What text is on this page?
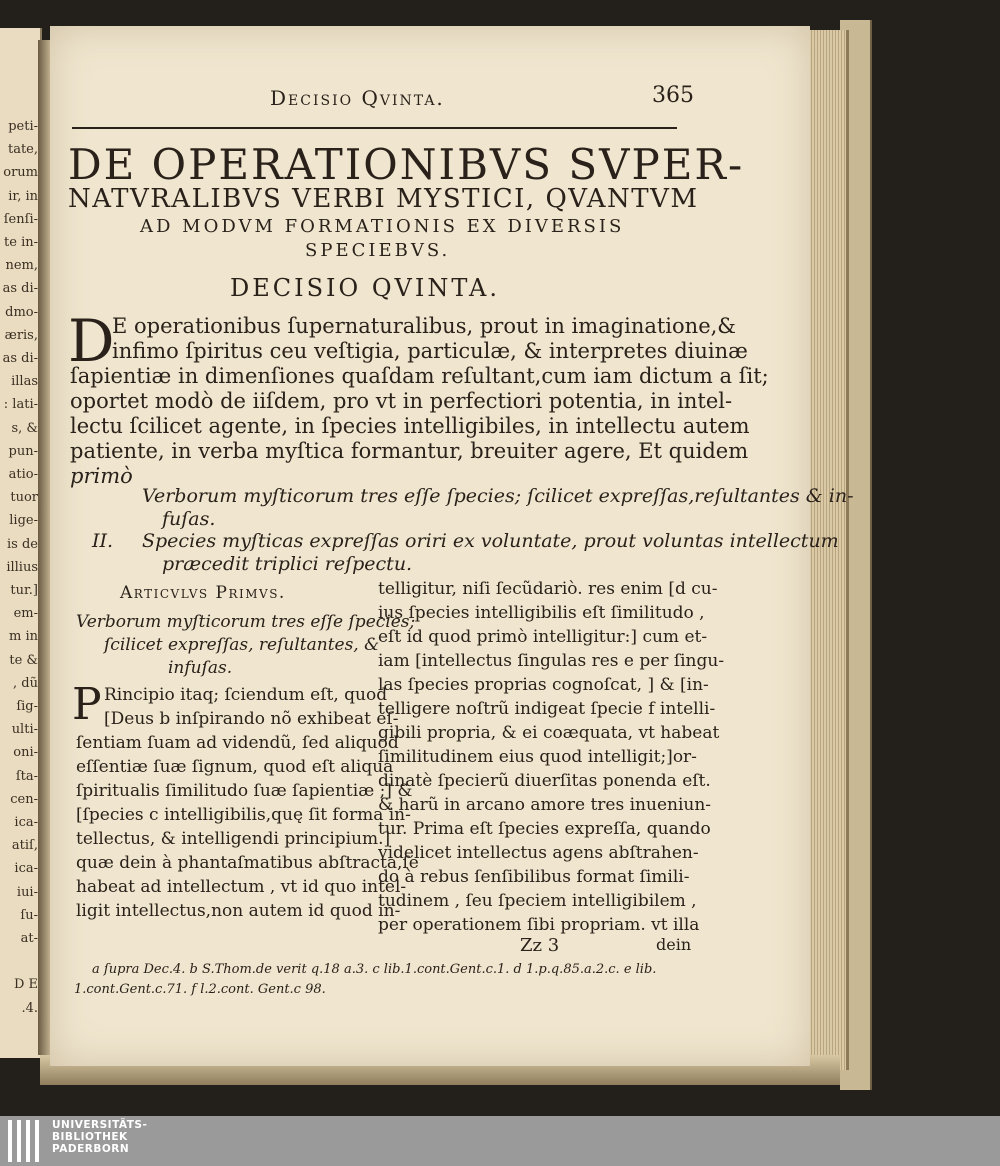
peti-
tate,
orum
ir, in
ſenſi-
te in-
nem,
as di-
dmo-
æris,
as di-
illas
: lati-
s, &
pun-
atio-
tuor
lige-
is de
illius
tur.]
em-
m in
te &
, dũ
ſig-
ulti-
oni-
ſta-
cen-
ica-
atiſ,
ica-
iui-
ſu-
at-
D E
.4.
Decisio Qvinta.	365
DE OPERATIONIBVS SVPER-
NATVRALIBVS VERBI MYSTICI, QVANTVM
AD MODVM FORMATIONIS EX DIVERSIS
SPECIEBVS.
DECISIO QVINTA.
D
E operationibus ſupernaturalibus, prout in imaginatione,&
infimo ſpiritus ceu veſtigia, particulæ, & interpretes diuinæ
ſapientiæ in dimenſiones quaſdam reſultant,cum iam dictum a ſit;
oportet modò de iiſdem, pro vt in perfectiori potentia, in intel-
lectu ſcilicet agente, in ſpecies intelligibiles, in intellectu autem
patiente, in verba myſtica formantur, breuiter agere, Et quidem
primò
Verborum myſticorum tres eſſe ſpecies; ſcilicet expreſſas,reſultantes & in-
fuſas.
II. Species myſticas expreſſas oriri ex voluntate, prout voluntas intellectum
præcedit triplici reſpectu.
Articvlvs Primvs.
Verborum myſticorum tres eſſe ſpecies;
ſcilicet expreſſas, reſultantes, &
infuſas.
P Rincipio itaq; ſciendum eſt, quod
[Deus b inſpirando nõ exhibeat eſ-
ſentiam ſuam ad videndũ, ſed aliquod
eſſentiæ ſuæ ſignum, quod eſt aliqua
ſpiritualis ſimilitudo ſuæ ſapientiæ ;] &
[ſpecies c intelligibilis,quę ſit forma in-
tellectus, & intelligendi principium.]
quæ dein à phantaſmatibus abſtracta,ſe
habeat ad intellectum , vt id quo intel-
ligit intellectus,non autem id quod in-
telligitur, niſi ſecũdariò. res enim [d cu-
ius ſpecies intelligibilis eſt ſimilitudo ,
eſt id quod primò intelligitur:] cum et-
iam [intellectus ſingulas res e per ſingu-
las ſpecies proprias cognoſcat, ] & [in-
telligere noſtrũ indigeat ſpecie f intelli-
gibili propria, & ei coæquata, vt habeat
ſimilitudinem eius quod intelligit;]or-
dinatè ſpecierũ diuerſitas ponenda eſt.
& harũ in arcano amore tres inueniun-
tur. Prima eſt ſpecies expreſſa, quando
videlicet intellectus agens abſtrahen-
do à rebus ſenſibilibus format ſimili-
tudinem , ſeu ſpeciem intelligibilem ,
per operationem ſibi propriam. vt illa
Zz 3	dein
a ſupra Dec.4. b S.Thom.de verit q.18 a.3. c lib.1.cont.Gent.c.1. d 1.p.q.85.a.2.c. e lib.
1.cont.Gent.c.71. f l.2.cont. Gent.c 98.
UNIVERSITÄTS-
BIBLIOTHEK
PADERBORN
